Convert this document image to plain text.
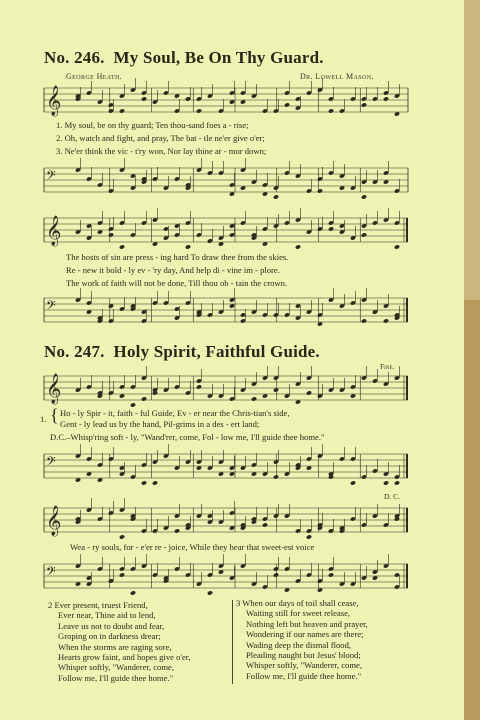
No. 246. My Soul, Be On Thy Guard.
George Heath.	Dr. Lowell Mason.
𝄞
1. My soul, be on thy guard; Ten thou-sand foes a - rise;
2. Oh, watch and fight, and pray, The bat - tle ne'er give o'er;
3. Ne'er think the vic - t'ry won, Nor lay thine ar - mor down;
𝄢
𝄞
The hosts of sin are press - ing hard To draw thee from the skies.
Re - new it bold - ly ev - 'ry day, And help di - vine im - plore.
The work of faith will not be done, Till thou ob - tain the crown.
𝄢
No. 247. Holy Spirit, Faithful Guide.
Fine.
𝄞
1. { Ho - ly Spir - it, faith - ful Guide, Ev - er near the Chris-tian's side,
Gent - ly lead us by the hand, Pil-grims in a des - ert land;
D.C.–Whisp'ring soft - ly, "Wand'rer, come, Fol - low me, I'll guide thee home."
𝄢
D. C.
𝄞
Wea - ry souls, for - e'er re - joice, While they hear that sweet-est voice
𝄢
2 Ever present, truest Friend,
Ever near, Thine aid to lend,
Leave us not to doubt and fear,
Groping on in darkness drear;
When the storms are raging sore,
Hearts grow faint, and hopes give o'er,
Whisper softly, "Wanderer, come,
Follow me, I'll guide thee home."
3 When our days of toil shall cease,
Waiting still for sweet release,
Nothing left but heaven and prayer,
Wondering if our names are there;
Wading deep the dismal flood,
Pleading naught but Jesus' blood;
Whisper softly, "Wanderer, come,
Follow me, I'll guide thee home."
